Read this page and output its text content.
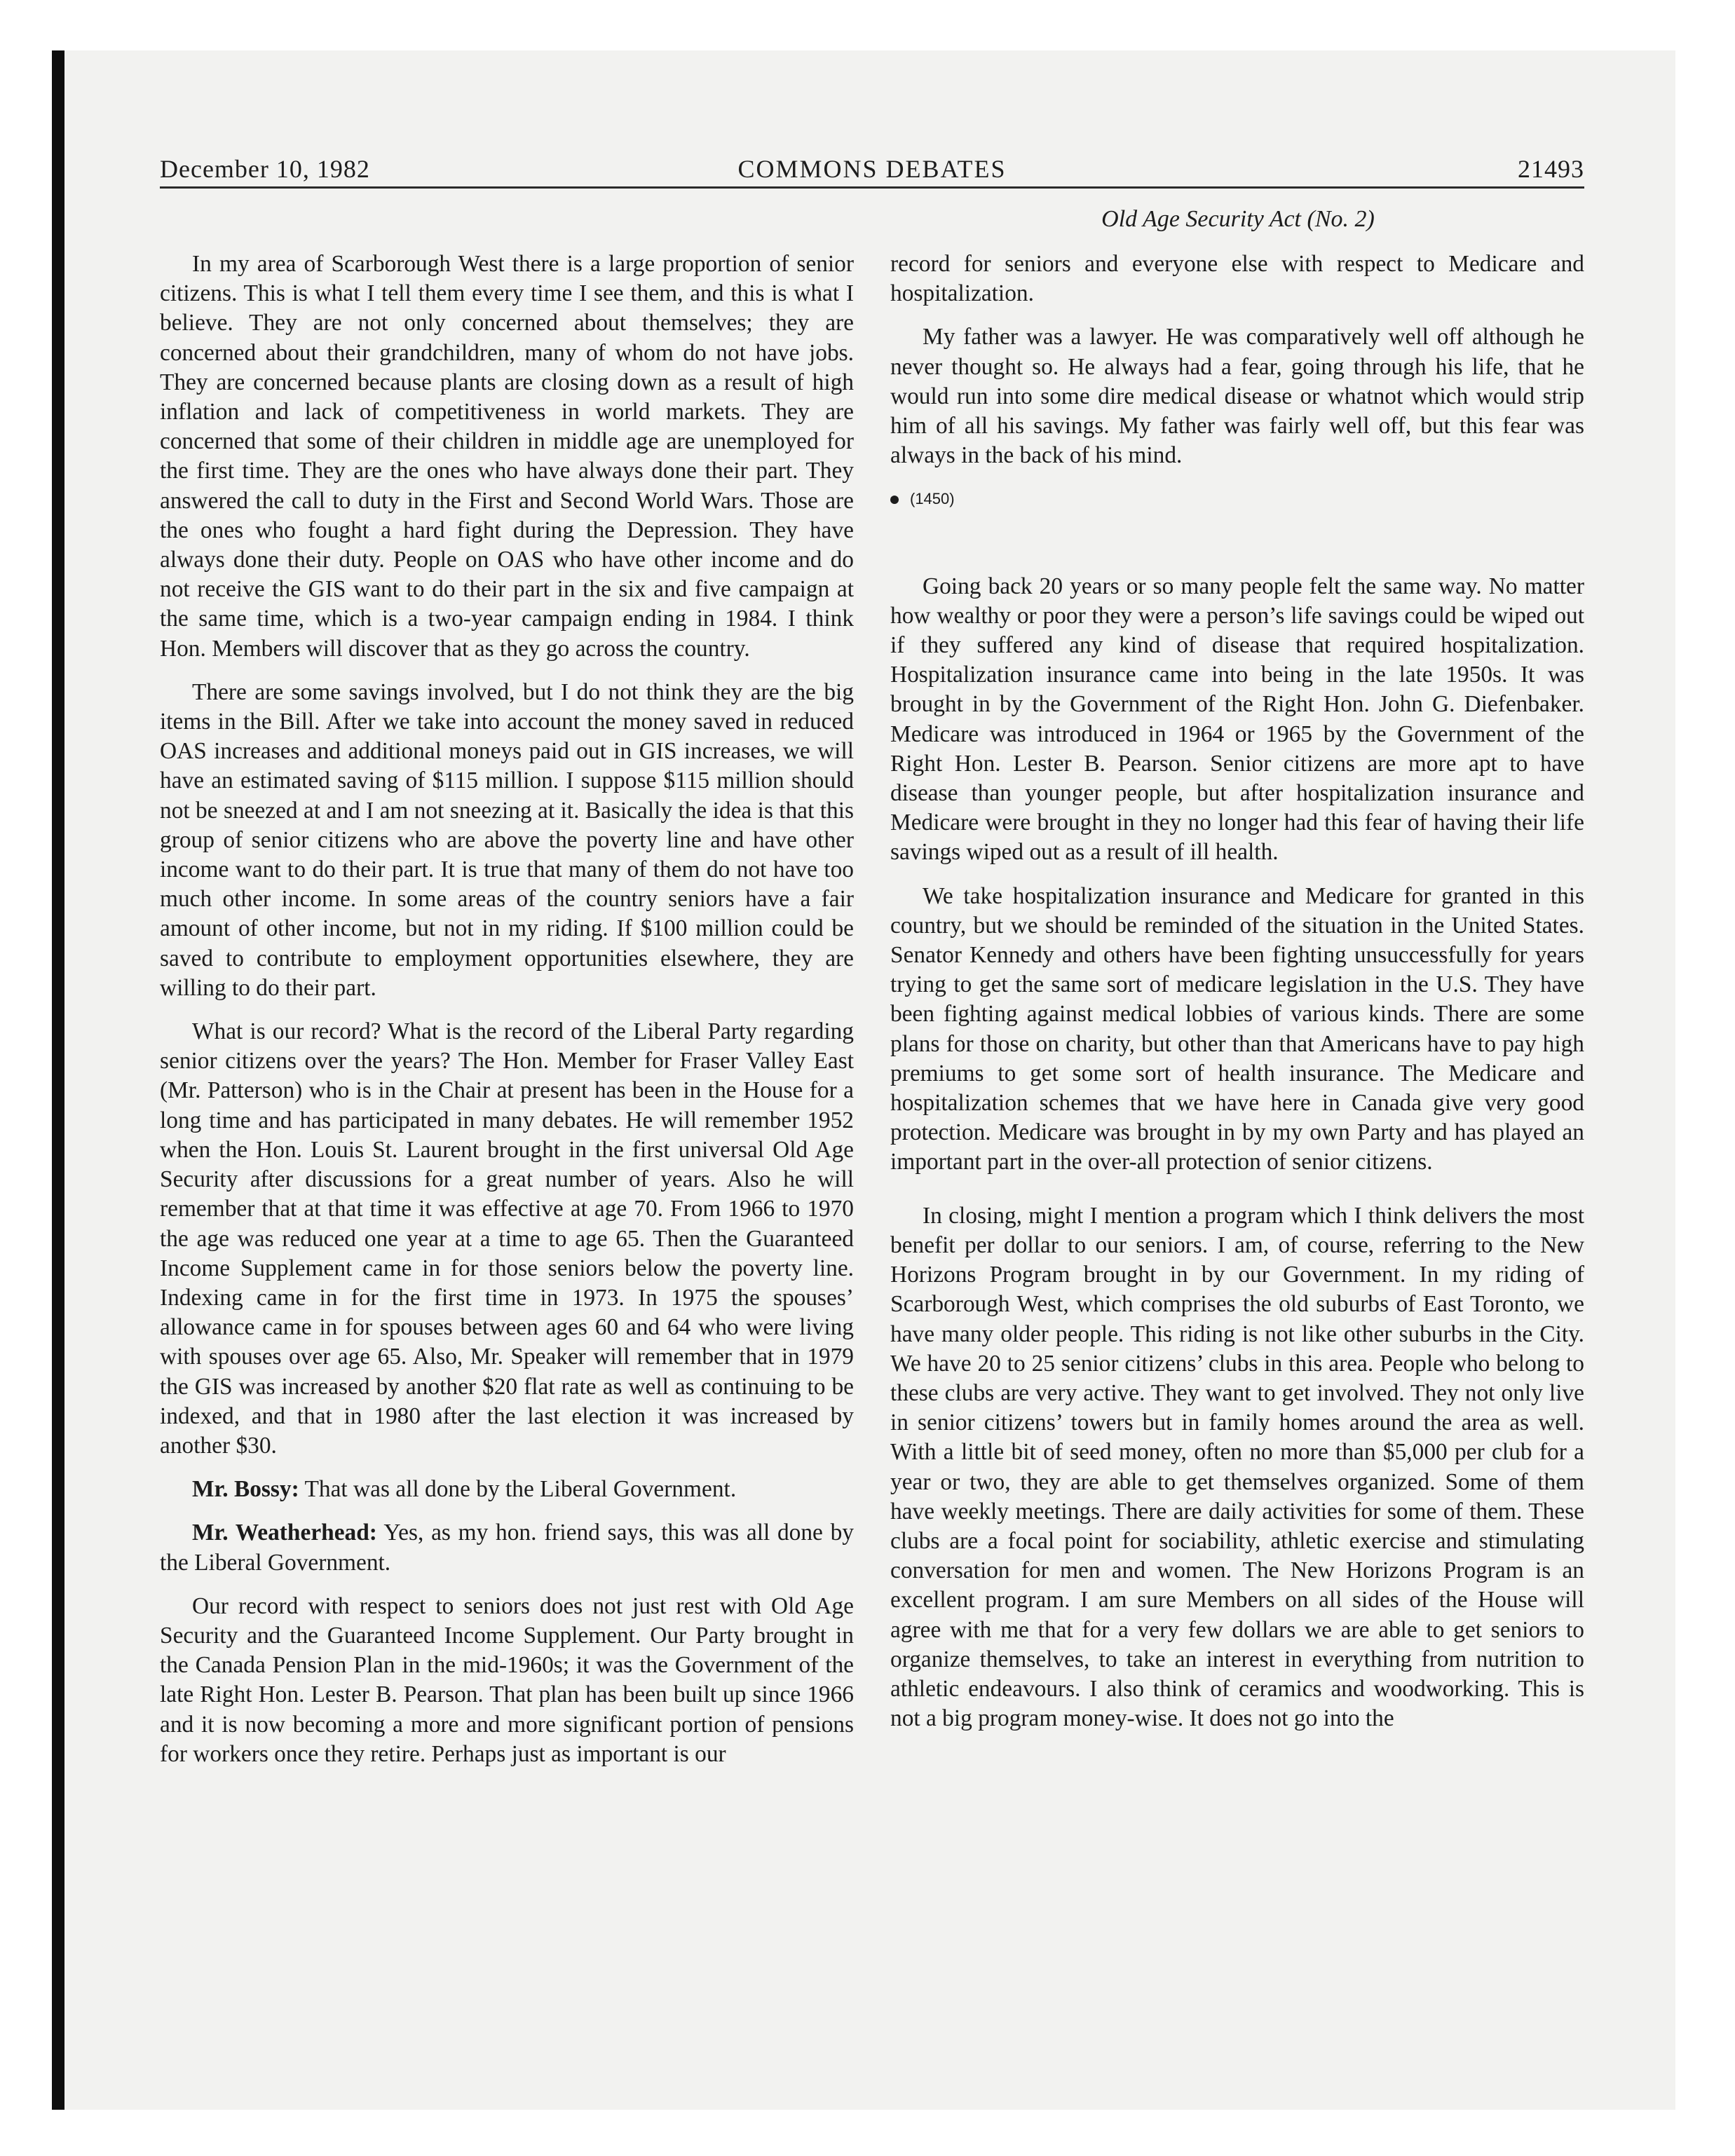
December 10, 1982	COMMONS DEBATES	21493
Old Age Security Act (No. 2)

In my area of Scarborough West there is a large proportion of senior citizens. This is what I tell them every time I see them, and this is what I believe. They are not only concerned about themselves; they are concerned about their grandchildren, many of whom do not have jobs. They are concerned because plants are closing down as a result of high inflation and lack of competitiveness in world markets. They are concerned that some of their children in middle age are unemployed for the first time. They are the ones who have always done their part. They answered the call to duty in the First and Second World Wars. Those are the ones who fought a hard fight during the Depression. They have always done their duty. People on OAS who have other income and do not receive the GIS want to do their part in the six and five campaign at the same time, which is a two-year campaign ending in 1984. I think Hon. Members will discover that as they go across the country.

There are some savings involved, but I do not think they are the big items in the Bill. After we take into account the money saved in reduced OAS increases and additional moneys paid out in GIS increases, we will have an estimated saving of $115 million. I suppose $115 million should not be sneezed at and I am not sneezing at it. Basically the idea is that this group of senior citizens who are above the poverty line and have other income want to do their part. It is true that many of them do not have too much other income. In some areas of the country seniors have a fair amount of other income, but not in my riding. If $100 million could be saved to contribute to employment opportunities elsewhere, they are willing to do their part.

What is our record? What is the record of the Liberal Party regarding senior citizens over the years? The Hon. Member for Fraser Valley East (Mr. Patterson) who is in the Chair at present has been in the House for a long time and has participated in many debates. He will remember 1952 when the Hon. Louis St. Laurent brought in the first universal Old Age Security after discussions for a great number of years. Also he will remember that at that time it was effective at age 70. From 1966 to 1970 the age was reduced one year at a time to age 65. Then the Guaranteed Income Supplement came in for those seniors below the poverty line. Indexing came in for the first time in 1973. In 1975 the spouses’ allowance came in for spouses between ages 60 and 64 who were living with spouses over age 65. Also, Mr. Speaker will remember that in 1979 the GIS was increased by another $20 flat rate as well as continuing to be indexed, and that in 1980 after the last election it was increased by another $30.

Mr. Bossy: That was all done by the Liberal Government.

Mr. Weatherhead: Yes, as my hon. friend says, this was all done by the Liberal Government.

Our record with respect to seniors does not just rest with Old Age Security and the Guaranteed Income Supplement. Our Party brought in the Canada Pension Plan in the mid-1960s; it was the Government of the late Right Hon. Lester B. Pearson. That plan has been built up since 1966 and it is now becoming a more and more significant portion of pensions for workers once they retire. Perhaps just as important is our

record for seniors and everyone else with respect to Medicare and hospitalization.

My father was a lawyer. He was comparatively well off although he never thought so. He always had a fear, going through his life, that he would run into some dire medical disease or whatnot which would strip him of all his savings. My father was fairly well off, but this fear was always in the back of his mind.

(1450)

Going back 20 years or so many people felt the same way. No matter how wealthy or poor they were a person’s life savings could be wiped out if they suffered any kind of disease that required hospitalization. Hospitalization insurance came into being in the late 1950s. It was brought in by the Government of the Right Hon. John G. Diefenbaker. Medicare was introduced in 1964 or 1965 by the Government of the Right Hon. Lester B. Pearson. Senior citizens are more apt to have disease than younger people, but after hospitalization insurance and Medicare were brought in they no longer had this fear of having their life savings wiped out as a result of ill health.

We take hospitalization insurance and Medicare for granted in this country, but we should be reminded of the situation in the United States. Senator Kennedy and others have been fighting unsuccessfully for years trying to get the same sort of medicare legislation in the U.S. They have been fighting against medical lobbies of various kinds. There are some plans for those on charity, but other than that Americans have to pay high premiums to get some sort of health insurance. The Medicare and hospitalization schemes that we have here in Canada give very good protection. Medicare was brought in by my own Party and has played an important part in the over-all protection of senior citizens.

In closing, might I mention a program which I think delivers the most benefit per dollar to our seniors. I am, of course, referring to the New Horizons Program brought in by our Government. In my riding of Scarborough West, which comprises the old suburbs of East Toronto, we have many older people. This riding is not like other suburbs in the City. We have 20 to 25 senior citizens’ clubs in this area. People who belong to these clubs are very active. They want to get involved. They not only live in senior citizens’ towers but in family homes around the area as well. With a little bit of seed money, often no more than $5,000 per club for a year or two, they are able to get themselves organized. Some of them have weekly meetings. There are daily activities for some of them. These clubs are a focal point for sociability, athletic exercise and stimulating conversation for men and women. The New Horizons Program is an excellent program. I am sure Members on all sides of the House will agree with me that for a very few dollars we are able to get seniors to organize themselves, to take an interest in everything from nutrition to athletic endeavours. I also think of ceramics and woodworking. This is not a big program money-wise. It does not go into the
